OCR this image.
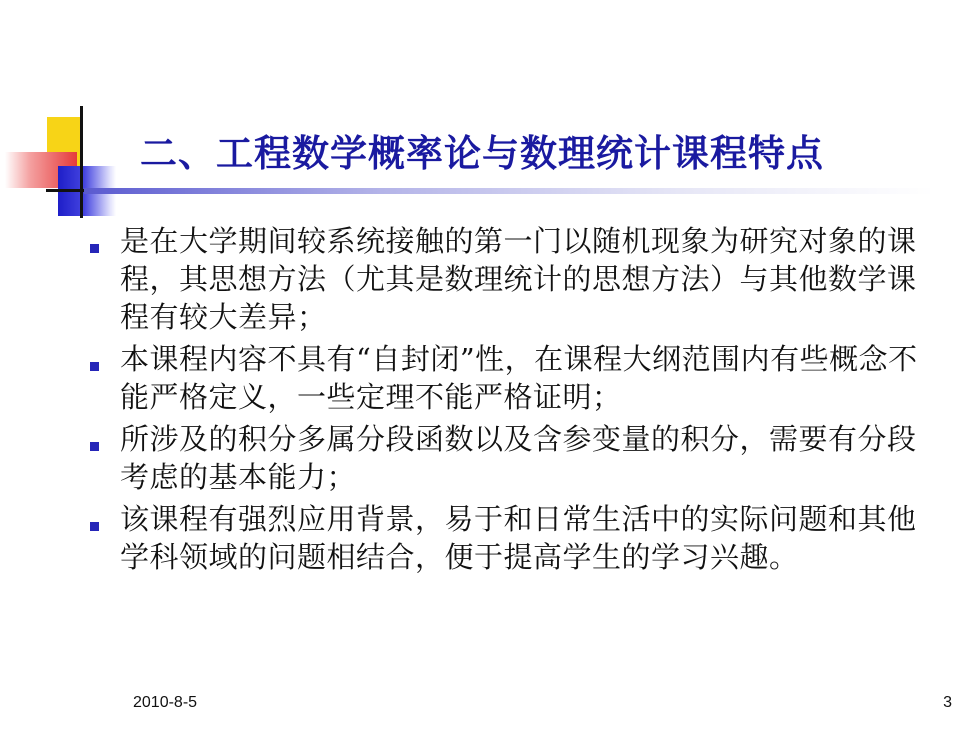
二、工程数学概率论与数理统计课程特点
是在大学期间较系统接触的第一门以随机现象为研究对象的课程，其思想方法（尤其是数理统计的思想方法）与其他数学课程有较大差异；
本课程内容不具有“自封闭”性，在课程大纲范围内有些概念不能严格定义，一些定理不能严格证明；
所涉及的积分多属分段函数以及含参变量的积分，需要有分段考虑的基本能力；
该课程有强烈应用背景，易于和日常生活中的实际问题和其他学科领域的问题相结合，便于提高学生的学习兴趣。
2010-8-5	3
